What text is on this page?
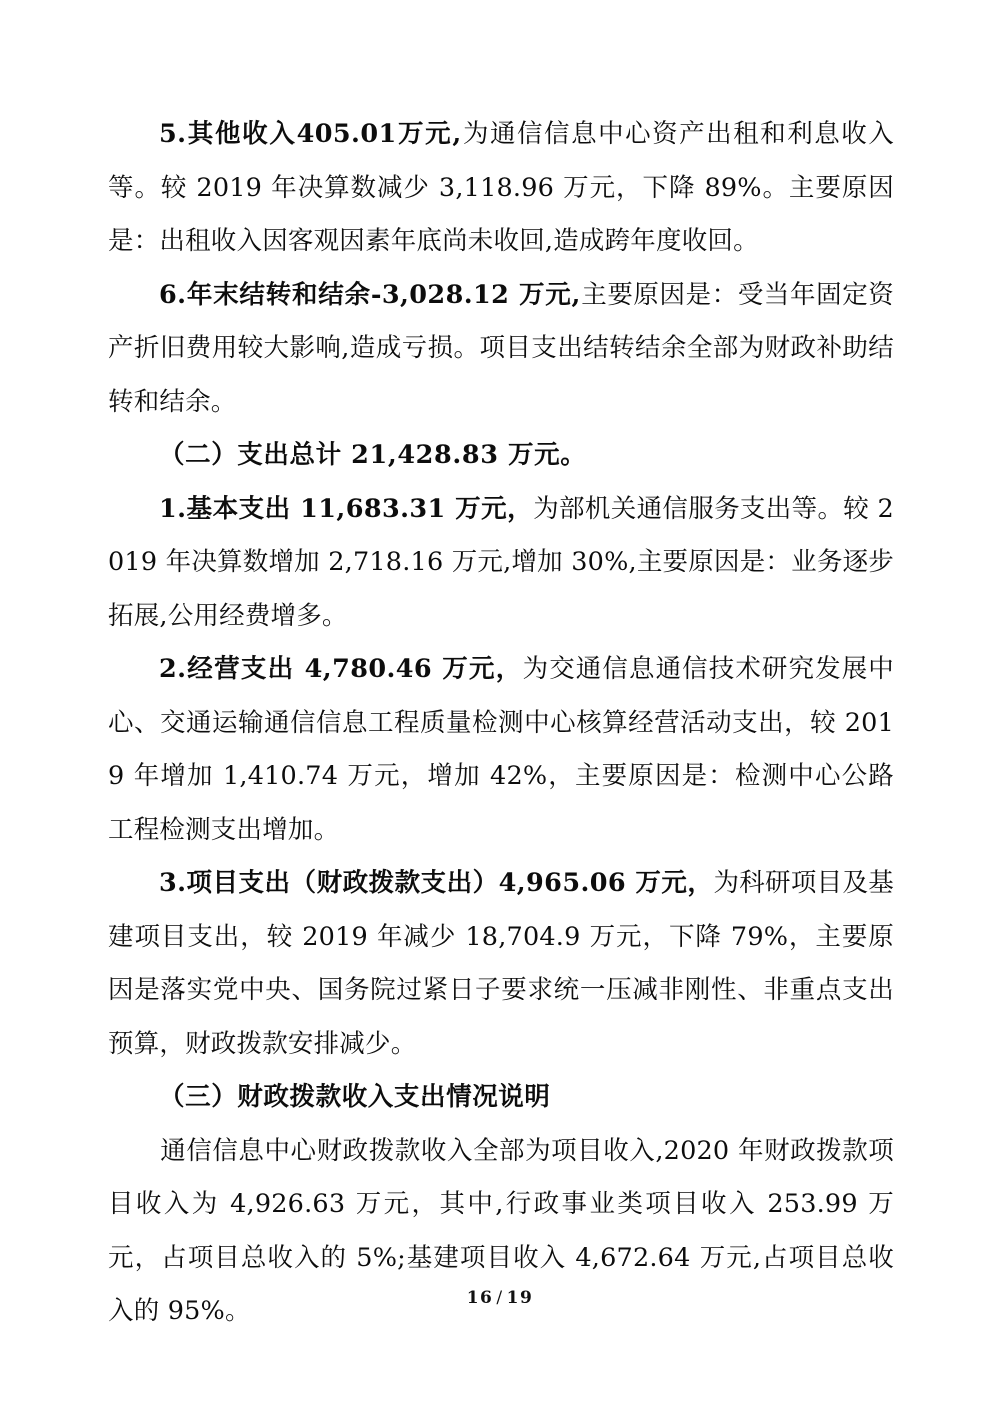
5.其他收入405.01万元,为通信信息中心资产出租和利息收入等。较 2019 年决算数减少 3,118.96 万元，下降 89%。主要原因是：出租收入因客观因素年底尚未收回,造成跨年度收回。

6.年末结转和结余-3,028.12 万元,主要原因是：受当年固定资产折旧费用较大影响,造成亏损。项目支出结转结余全部为财政补助结转和结余。

（二）支出总计 21,428.83 万元。

1.基本支出 11,683.31 万元，为部机关通信服务支出等。较 2019 年决算数增加 2,718.16 万元,增加 30%,主要原因是：业务逐步拓展,公用经费增多。

2.经营支出 4,780.46 万元，为交通信息通信技术研究发展中心、交通运输通信信息工程质量检测中心核算经营活动支出，较 2019 年增加 1,410.74 万元，增加 42%，主要原因是：检测中心公路工程检测支出增加。

3.项目支出（财政拨款支出）4,965.06 万元，为科研项目及基建项目支出，较 2019 年减少 18,704.9 万元，下降 79%，主要原因是落实党中央、国务院过紧日子要求统一压减非刚性、非重点支出预算，财政拨款安排减少。

（三）财政拨款收入支出情况说明

通信信息中心财政拨款收入全部为项目收入,2020 年财政拨款项目收入为 4,926.63 万元，其中,行政事业类项目收入 253.99 万元，占项目总收入的 5%;基建项目收入 4,672.64 万元,占项目总收入的 95%。	16 / 19
